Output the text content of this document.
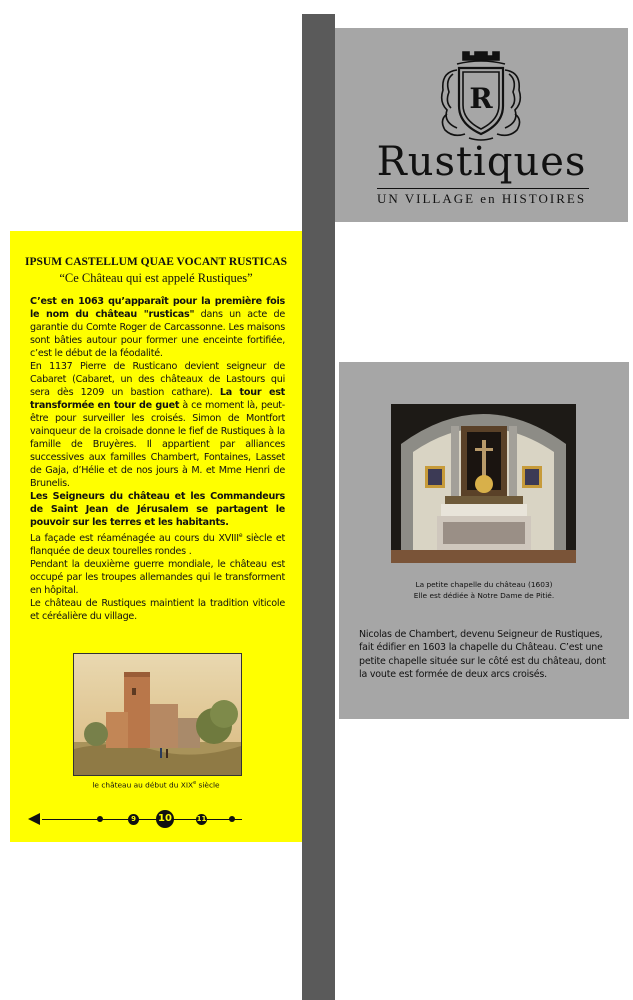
R
Rustiques
UN VILLAGE en HISTOIRES
IPSUM CASTELLUM QUAE VOCANT RUSTICAS
“Ce Château qui est appelé Rustiques”

C’est en 1063 qu’apparaît pour la première fois le nom du château "rusticas" dans un acte de garantie du Comte Roger de Carcassonne. Les maisons sont bâties autour pour former une enceinte fortifiée, c’est le début de la féodalité.

En 1137 Pierre de Rusticano devient seigneur de Cabaret (Cabaret, un des châteaux de Lastours qui sera dès 1209 un bastion cathare). La tour est transformée en tour de guet à ce moment là, peut-être pour surveiller les croisés. Simon de Montfort vainqueur de la croisade donne le fief de Rustiques à la famille de Bruyères. Il appartient par alliances successives aux familles Chambert, Fontaines, Lasset de Gaja, d’Hélie et de nos jours à M. et Mme Henri de Brunelis.

Les Seigneurs du château et les Commandeurs de Saint Jean de Jérusalem se partagent le pouvoir sur les terres et les habitants.

La façade est réaménagée au cours du XVIIIe siècle et flanquée de deux tourelles rondes .

Pendant la deuxième guerre mondiale, le château est occupé par les troupes allemandes qui le transforment en hôpital.

Le château de Rustiques maintient la tradition viticole et céréalière du village.

le château au début du XIXe siècle
9	10	11
La petite chapelle du château (1603)
Elle est dédiée à Notre Dame de Pitié.

Nicolas de Chambert, devenu Seigneur de Rustiques, fait édifier en 1603 la chapelle du Château. C’est une petite chapelle située sur le côté est du château, dont la voute est formée de deux arcs croisés.
